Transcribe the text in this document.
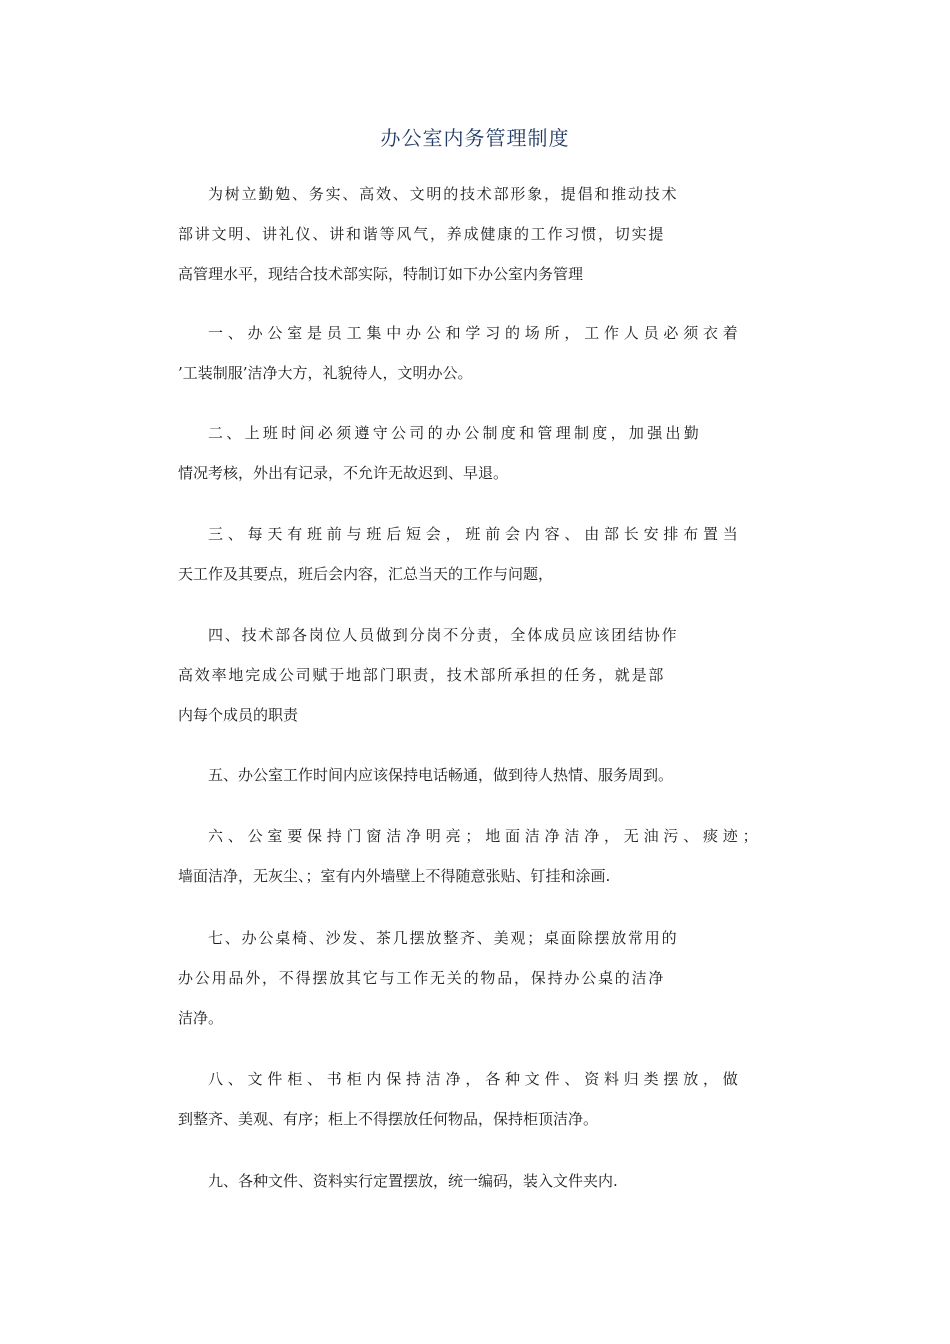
办公室内务管理制度
为树立勤勉、务实、高效、文明的技术部形象，提倡和推动技术
部讲文明、讲礼仪、讲和谐等风气，养成健康的工作习惯，切实提
高管理水平，现结合技术部实际，特制订如下办公室内务管理
一、办公室是员工集中办公和学习的场所，工作人员必须衣着
’工装制服’洁净大方，礼貌待人，文明办公。
二、上班时间必须遵守公司的办公制度和管理制度，加强出勤
情况考核，外出有记录，不允许无故迟到、早退。
三、每天有班前与班后短会，班前会内容、由部长安排布置当
天工作及其要点，班后会内容，汇总当天的工作与问题，
四、技术部各岗位人员做到分岗不分责，全体成员应该团结协作
高效率地完成公司赋于地部门职责，技术部所承担的任务，就是部
内每个成员的职责
五、办公室工作时间内应该保持电话畅通，做到待人热情、服务周到。
六、公室要保持门窗洁净明亮；地面洁净洁净，无油污、痰迹；
墙面洁净，无灰尘、；室有内外墙壁上不得随意张贴、钉挂和涂画.
七、办公桌椅、沙发、茶几摆放整齐、美观；桌面除摆放常用的
办公用品外，不得摆放其它与工作无关的物品，保持办公桌的洁净
洁净。
八、文件柜、书柜内保持洁净，各种文件、资料归类摆放，做
到整齐、美观、有序；柜上不得摆放任何物品，保持柜顶洁净。
九、各种文件、资料实行定置摆放，统一编码，装入文件夹内.
